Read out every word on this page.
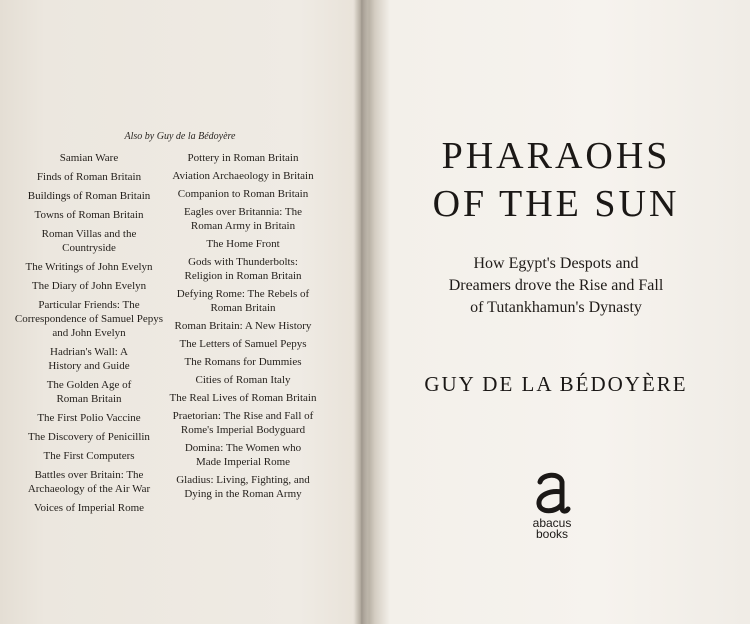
Also by Guy de la Bédoyère
Samian Ware
Finds of Roman Britain
Buildings of Roman Britain
Towns of Roman Britain
Roman Villas and the Countryside
The Writings of John Evelyn
The Diary of John Evelyn
Particular Friends: The Correspondence of Samuel Pepys and John Evelyn
Hadrian's Wall: A History and Guide
The Golden Age of Roman Britain
The First Polio Vaccine
The Discovery of Penicillin
The First Computers
Battles over Britain: The Archaeology of the Air War
Voices of Imperial Rome
Pottery in Roman Britain
Aviation Archaeology in Britain
Companion to Roman Britain
Eagles over Britannia: The Roman Army in Britain
The Home Front
Gods with Thunderbolts: Religion in Roman Britain
Defying Rome: The Rebels of Roman Britain
Roman Britain: A New History
The Letters of Samuel Pepys
The Romans for Dummies
Cities of Roman Italy
The Real Lives of Roman Britain
Praetorian: The Rise and Fall of Rome's Imperial Bodyguard
Domina: The Women who Made Imperial Rome
Gladius: Living, Fighting, and Dying in the Roman Army
PHARAOHS
OF THE SUN
How Egypt's Despots and
Dreamers drove the Rise and Fall
of Tutankhamun's Dynasty
GUY DE LA BÉDOYÈRE
abacus
books
